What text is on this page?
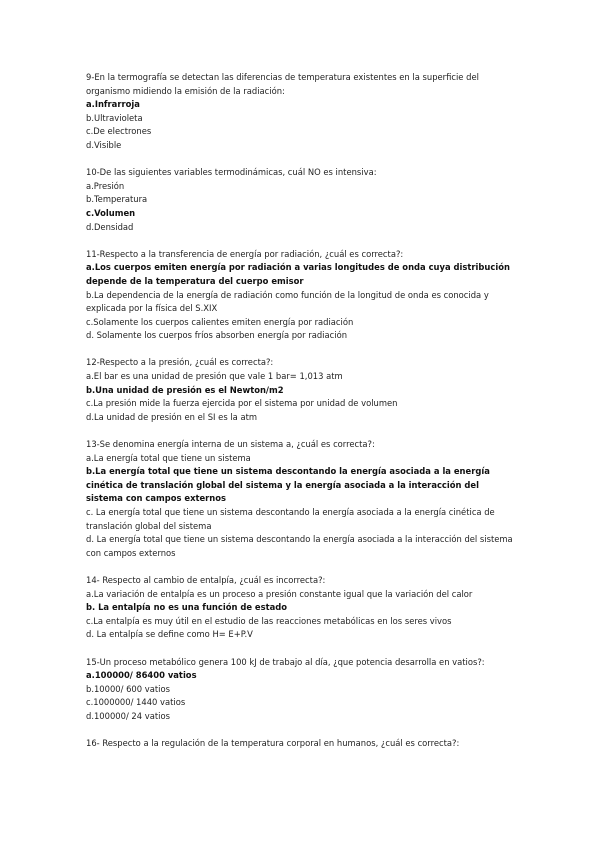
9-En la termografía se detectan las diferencias de temperatura existentes en la superficie del organismo midiendo la emisión de la radiación:
a.Infrarroja
b.Ultravioleta
c.De electrones
d.Visible
10-De las siguientes variables termodinámicas, cuál NO es intensiva:
a.Presión
b.Temperatura
c.Volumen
d.Densidad
11-Respecto a la transferencia de energía por radiación, ¿cuál es correcta?:
a.Los cuerpos emiten energía por radiación a varias longitudes de onda cuya distribución depende de la temperatura del cuerpo emisor
b.La dependencia de la energía de radiación como función de la longitud de onda es conocida y explicada por la física del S.XIX
c.Solamente los cuerpos calientes emiten energía por radiación
d. Solamente los cuerpos fríos absorben energía por radiación
12-Respecto a la presión, ¿cuál es correcta?:
a.El bar es una unidad de presión que vale 1 bar= 1,013 atm
b.Una unidad de presión es el Newton/m2
c.La presión mide la fuerza ejercida por el sistema por unidad de volumen
d.La unidad de presión en el SI es la atm
13-Se denomina energía interna de un sistema a, ¿cuál es correcta?:
a.La energía total que tiene un sistema
b.La energía total que tiene un sistema descontando la energía asociada a la energía cinética de translación global del sistema y la energía asociada a la interacción del sistema con campos externos
c. La energía total que tiene un sistema descontando la energía asociada a la energía cinética de translación global del sistema
d. La energía total que tiene un sistema descontando la energía asociada a la interacción del sistema con campos externos
14- Respecto al cambio de entalpía, ¿cuál es incorrecta?:
a.La variación de entalpía es un proceso a presión constante igual que la variación del calor
b. La entalpía no es una función de estado
c.La entalpía es muy útil en el estudio de las reacciones metabólicas en los seres vivos
d. La entalpía se define como H= E+P.V
15-Un proceso metabólico genera 100 kJ de trabajo al día, ¿que potencia desarrolla en vatios?:
a.100000/ 86400 vatios
b.10000/ 600 vatios
c.1000000/ 1440 vatios
d.100000/ 24 vatios
16- Respecto a la regulación de la temperatura corporal en humanos, ¿cuál es correcta?:
